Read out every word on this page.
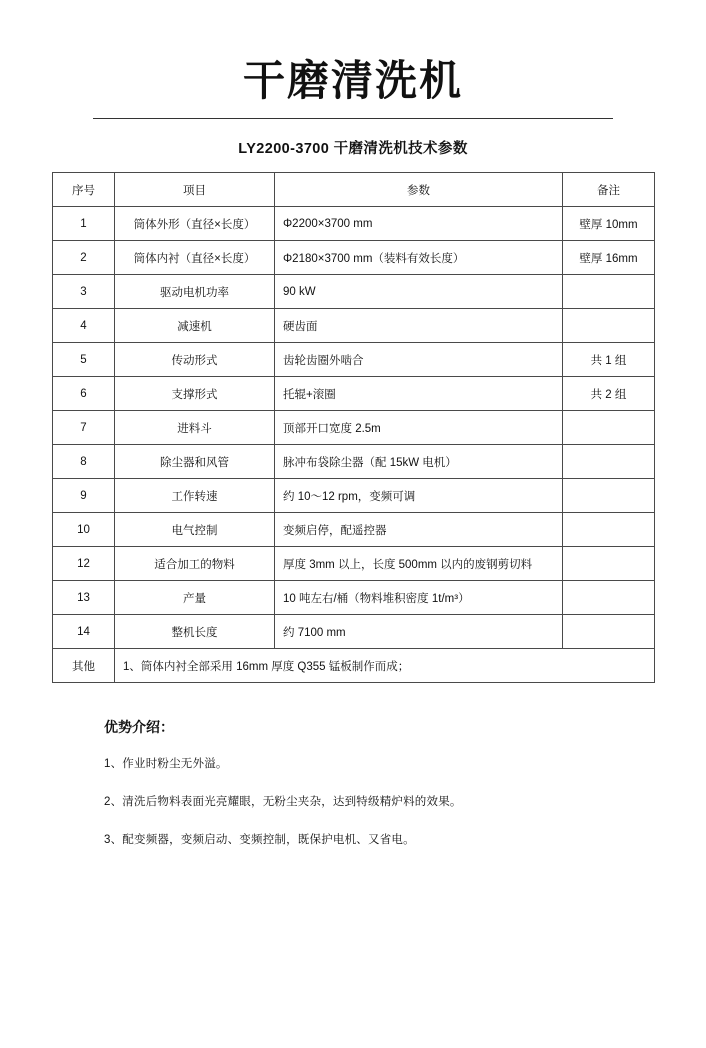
干磨清洗机
LY2200-3700 干磨清洗机技术参数
序号	项目	参数	备注
1	筒体外形（直径×长度）	Φ2200×3700 mm	壁厚 10mm
2	筒体内衬（直径×长度）	Φ2180×3700 mm（装料有效长度）	壁厚 16mm
3	驱动电机功率	90 kW	
4	减速机	硬齿面	
5	传动形式	齿轮齿圈外啮合	共 1 组
6	支撑形式	托辊+滚圈	共 2 组
7	进料斗	顶部开口宽度 2.5m	
8	除尘器和风管	脉冲布袋除尘器（配 15kW 电机）	
9	工作转速	约 10～12 rpm，变频可调	
10	电气控制	变频启停，配遥控器	
12	适合加工的物料	厚度 3mm 以上，长度 500mm 以内的废钢剪切料	
13	产量	10 吨左右/桶（物料堆积密度 1t/m³）	
14	整机长度	约 7100 mm	
其他	1、筒体内衬全部采用 16mm 厚度 Q355 锰板制作而成；		
优势介绍：
1、作业时粉尘无外溢。
2、清洗后物料表面光亮耀眼，无粉尘夹杂，达到特级精炉料的效果。
3、配变频器，变频启动、变频控制，既保护电机、又省电。
